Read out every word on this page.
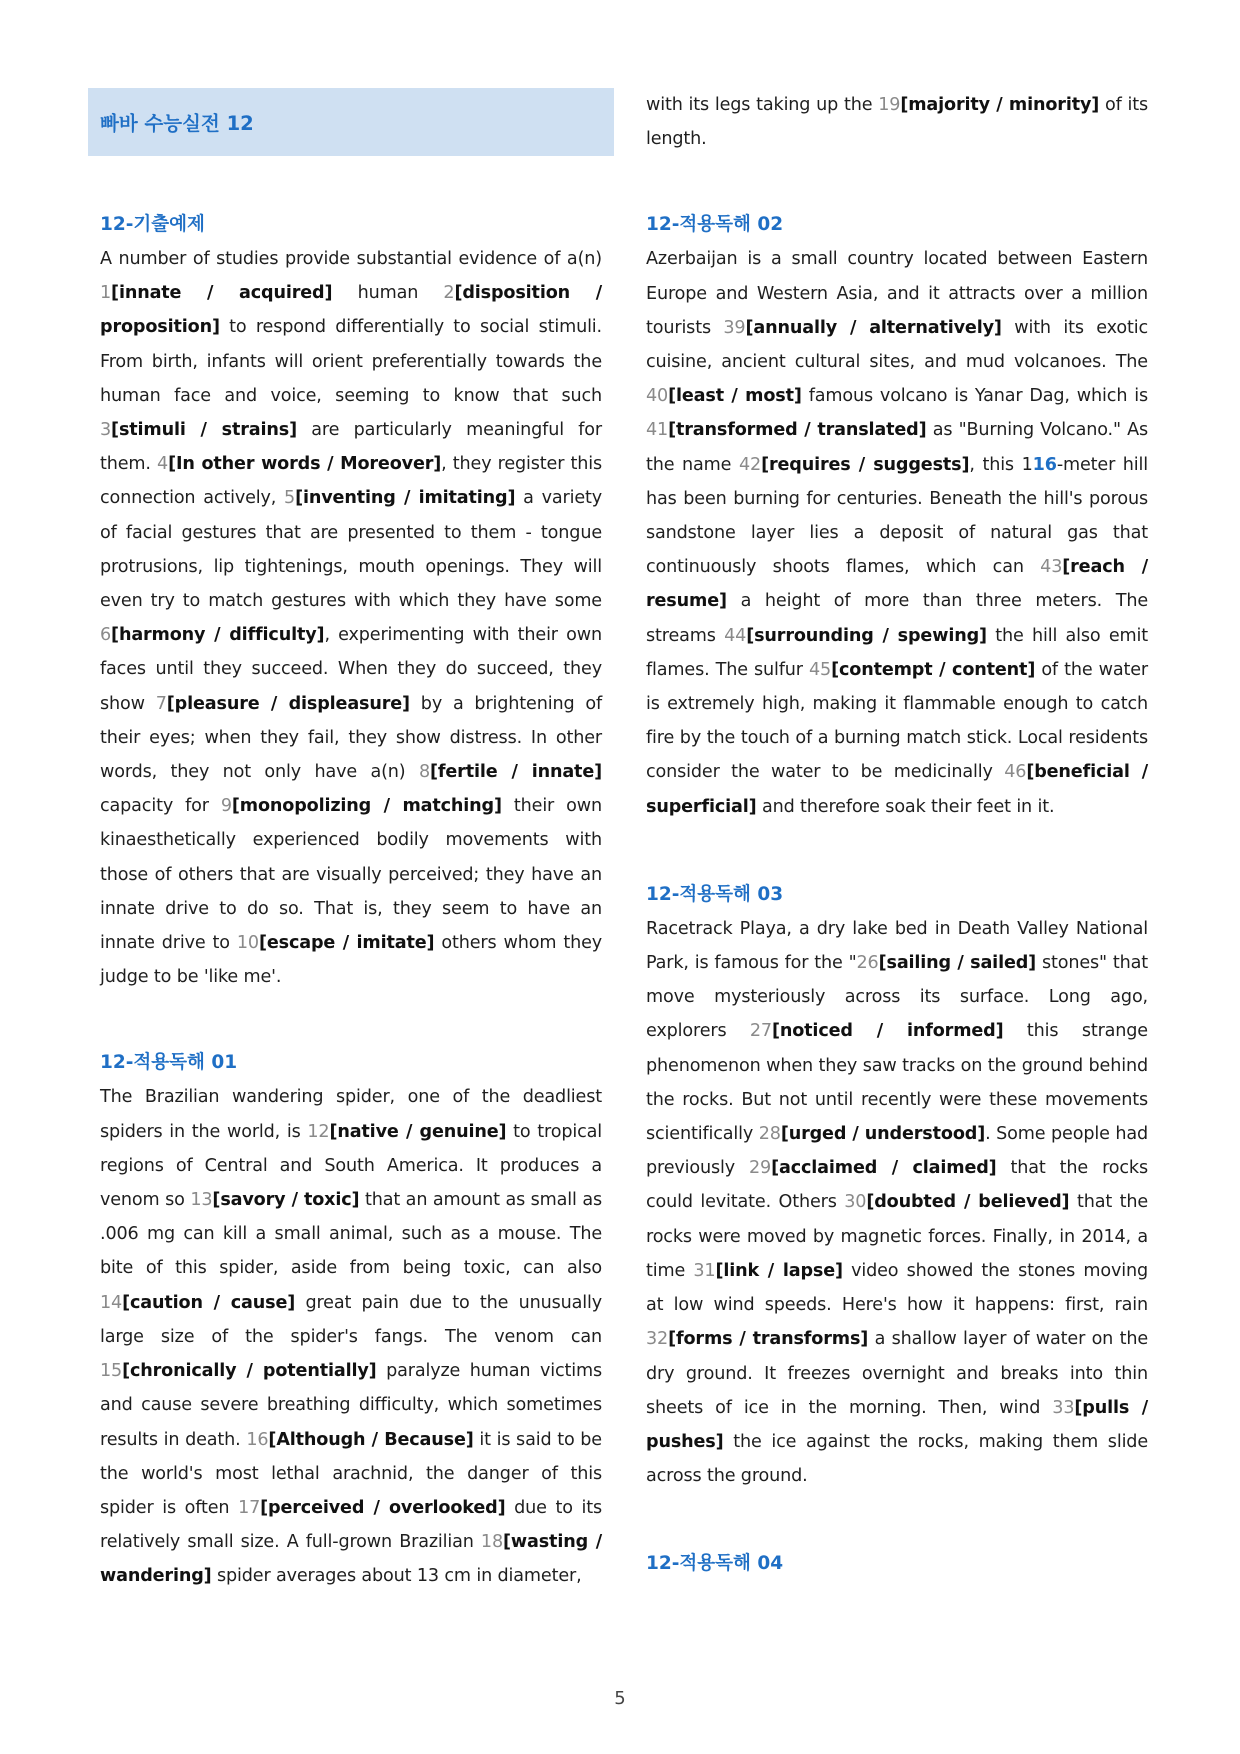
빠바 수능실전 12
12-기출예제

A number of studies provide substantial evidence of a(n) 1[innate / acquired] human 2[disposition / proposition] to respond differentially to social stimuli. From birth, infants will orient preferentially towards the human face and voice, seeming to know that such 3[stimuli / strains] are particularly meaningful for them. 4[In other words / Moreover], they register this connection actively, 5[inventing / imitating] a variety of facial gestures that are presented to them - tongue protrusions, lip tightenings, mouth openings. They will even try to match gestures with which they have some 6[harmony / difficulty], experimenting with their own faces until they succeed. When they do succeed, they show 7[pleasure / displeasure] by a brightening of their eyes; when they fail, they show distress. In other words, they not only have a(n) 8[fertile / innate] capacity for 9[monopolizing / matching] their own kinaesthetically experienced bodily movements with those of others that are visually perceived; they have an innate drive to do so. That is, they seem to have an innate drive to 10[escape / imitate] others whom they judge to be 'like me'.

12-적용독해 01

The Brazilian wandering spider, one of the deadliest spiders in the world, is 12[native / genuine] to tropical regions of Central and South America. It produces a venom so 13[savory / toxic] that an amount as small as .006 mg can kill a small animal, such as a mouse. The bite of this spider, aside from being toxic, can also 14[caution / cause] great pain due to the unusually large size of the spider's fangs. The venom can 15[chronically / potentially] paralyze human victims and cause severe breathing difficulty, which sometimes results in death. 16[Although / Because] it is said to be the world's most lethal arachnid, the danger of this spider is often 17[perceived / overlooked] due to its relatively small size. A full-grown Brazilian 18[wasting / wandering] spider averages about 13 cm in diameter,

with its legs taking up the 19[majority / minority] of its length.

12-적용독해 02

Azerbaijan is a small country located between Eastern Europe and Western Asia, and it attracts over a million tourists 39[annually / alternatively] with its exotic cuisine, ancient cultural sites, and mud volcanoes. The 40[least / most] famous volcano is Yanar Dag, which is 41[transformed / translated] as "Burning Volcano." As the name 42[requires / suggests], this 116-meter hill has been burning for centuries. Beneath the hill's porous sandstone layer lies a deposit of natural gas that continuously shoots flames, which can 43[reach / resume] a height of more than three meters. The streams 44[surrounding / spewing] the hill also emit flames. The sulfur 45[contempt / content] of the water is extremely high, making it flammable enough to catch fire by the touch of a burning match stick. Local residents consider the water to be medicinally 46[beneficial / superficial] and therefore soak their feet in it.

12-적용독해 03

Racetrack Playa, a dry lake bed in Death Valley National Park, is famous for the "26[sailing / sailed] stones" that move mysteriously across its surface. Long ago, explorers 27[noticed / informed] this strange phenomenon when they saw tracks on the ground behind the rocks. But not until recently were these movements scientifically 28[urged / understood]. Some people had previously 29[acclaimed / claimed] that the rocks could levitate. Others 30[doubted / believed] that the rocks were moved by magnetic forces. Finally, in 2014, a time 31[link / lapse] video showed the stones moving at low wind speeds. Here's how it happens: first, rain 32[forms / transforms] a shallow layer of water on the dry ground. It freezes overnight and breaks into thin sheets of ice in the morning. Then, wind 33[pulls / pushes] the ice against the rocks, making them slide across the ground.

12-적용독해 04
5
